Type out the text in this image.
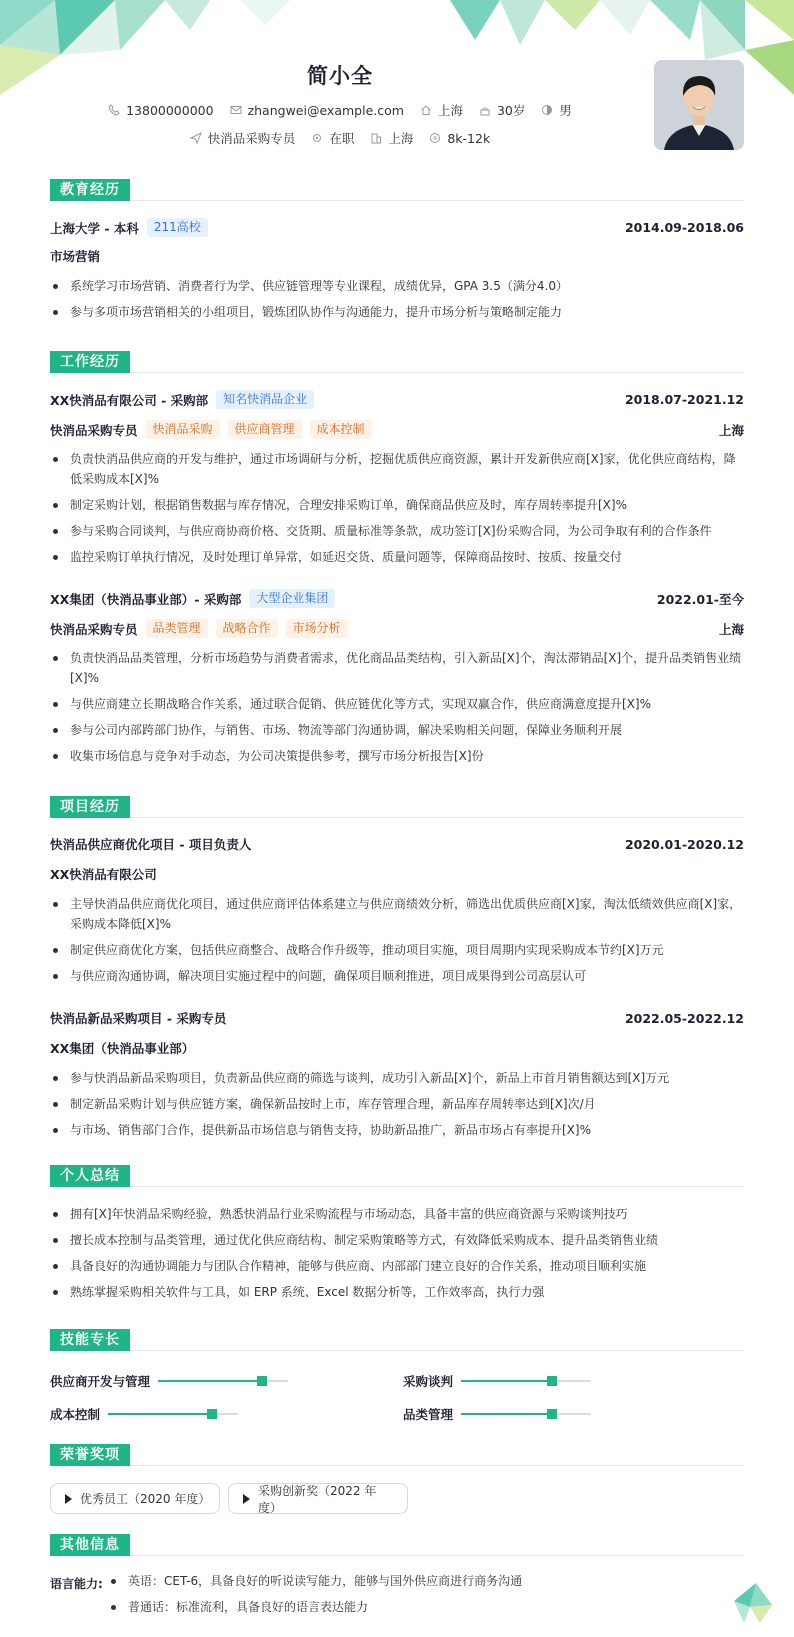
简小全
13800000000	zhangwei@example.com	上海	30岁	男
快消品采购专员	在职	上海	8k-12k
教育经历
上海大学 - 本科	211高校	2014.09-2018.06
市场营销
系统学习市场营销、消费者行为学、供应链管理等专业课程，成绩优异，GPA 3.5（满分4.0）
参与多项市场营销相关的小组项目，锻炼团队协作与沟通能力，提升市场分析与策略制定能力
工作经历
XX快消品有限公司 - 采购部	知名快消品企业	2018.07-2021.12
快消品采购专员	快消品采购	供应商管理	成本控制	上海
负责快消品供应商的开发与维护，通过市场调研与分析，挖掘优质供应商资源，累计开发新供应商[X]家，优化供应商结构，降低采购成本[X]%
制定采购计划，根据销售数据与库存情况，合理安排采购订单，确保商品供应及时，库存周转率提升[X]%
参与采购合同谈判，与供应商协商价格、交货期、质量标准等条款，成功签订[X]份采购合同，为公司争取有利的合作条件
监控采购订单执行情况，及时处理订单异常，如延迟交货、质量问题等，保障商品按时、按质、按量交付
XX集团（快消品事业部）- 采购部	大型企业集团	2022.01-至今
快消品采购专员	品类管理	战略合作	市场分析	上海
负责快消品品类管理，分析市场趋势与消费者需求，优化商品品类结构，引入新品[X]个，淘汰滞销品[X]个，提升品类销售业绩[X]%
与供应商建立长期战略合作关系，通过联合促销、供应链优化等方式，实现双赢合作，供应商满意度提升[X]%
参与公司内部跨部门协作，与销售、市场、物流等部门沟通协调，解决采购相关问题，保障业务顺利开展
收集市场信息与竞争对手动态，为公司决策提供参考，撰写市场分析报告[X]份
项目经历
快消品供应商优化项目 - 项目负责人	2020.01-2020.12
XX快消品有限公司
主导快消品供应商优化项目，通过供应商评估体系建立与供应商绩效分析，筛选出优质供应商[X]家，淘汰低绩效供应商[X]家，采购成本降低[X]%
制定供应商优化方案，包括供应商整合、战略合作升级等，推动项目实施，项目周期内实现采购成本节约[X]万元
与供应商沟通协调，解决项目实施过程中的问题，确保项目顺利推进，项目成果得到公司高层认可
快消品新品采购项目 - 采购专员	2022.05-2022.12
XX集团（快消品事业部）
参与快消品新品采购项目，负责新品供应商的筛选与谈判，成功引入新品[X]个，新品上市首月销售额达到[X]万元
制定新品采购计划与供应链方案，确保新品按时上市，库存管理合理，新品库存周转率达到[X]次/月
与市场、销售部门合作，提供新品市场信息与销售支持，协助新品推广，新品市场占有率提升[X]%
个人总结
拥有[X]年快消品采购经验，熟悉快消品行业采购流程与市场动态，具备丰富的供应商资源与采购谈判技巧
擅长成本控制与品类管理，通过优化供应商结构、制定采购策略等方式，有效降低采购成本、提升品类销售业绩
具备良好的沟通协调能力与团队合作精神，能够与供应商、内部部门建立良好的合作关系，推动项目顺利实施
熟练掌握采购相关软件与工具，如 ERP 系统、Excel 数据分析等，工作效率高，执行力强
技能专长
供应商开发与管理	采购谈判
成本控制	品类管理
荣誉奖项
优秀员工（2020 年度）
采购创新奖（2022 年度）
其他信息
语言能力:	英语：CET-6，具备良好的听说读写能力，能够与国外供应商进行商务沟通
普通话：标准流利，具备良好的语言表达能力
